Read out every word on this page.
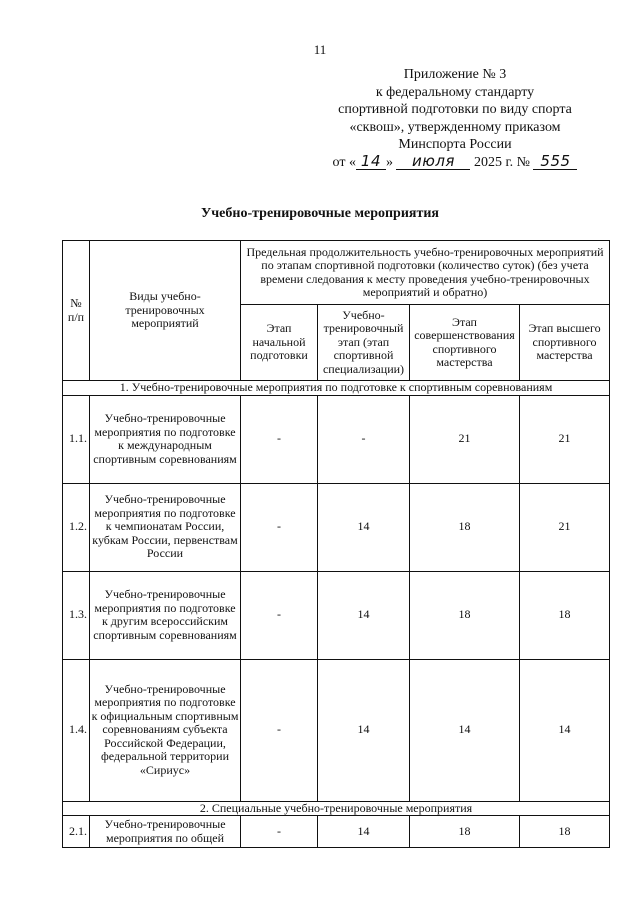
11
Приложение № 3
к федеральному стандарту
спортивной подготовки по виду спорта
«сквош», утвержденному приказом
Минспорта России
от « 14 » июля 2025 г. № 555
Учебно-тренировочные мероприятия
№ п/п	Виды учебно-тренировочных мероприятий	Предельная продолжительность учебно-тренировочных мероприятий по этапам спортивной подготовки (количество суток) (без учета времени следования к месту проведения учебно-тренировочных мероприятий и обратно)			
		Этап начальной подготовки	Учебно-тренировочный этап (этап спортивной специализации)	Этап совершенствования спортивного мастерства	Этап высшего спортивного мастерства
1. Учебно-тренировочные мероприятия по подготовке к спортивным соревнованиям					
1.1.	Учебно-тренировочные мероприятия по подготовке к международным спортивным соревнованиям	-	-	21	21
1.2.	Учебно-тренировочные мероприятия по подготовке к чемпионатам России, кубкам России, первенствам России	-	14	18	21
1.3.	Учебно-тренировочные мероприятия по подготовке к другим всероссийским спортивным соревнованиям	-	14	18	18
1.4.	Учебно-тренировочные мероприятия по подготовке к официальным спортивным соревнованиям субъекта Российской Федерации, федеральной территории «Сириус»	-	14	14	14
2. Специальные учебно-тренировочные мероприятия					
2.1.	Учебно-тренировочные мероприятия по общей	-	14	18	18
